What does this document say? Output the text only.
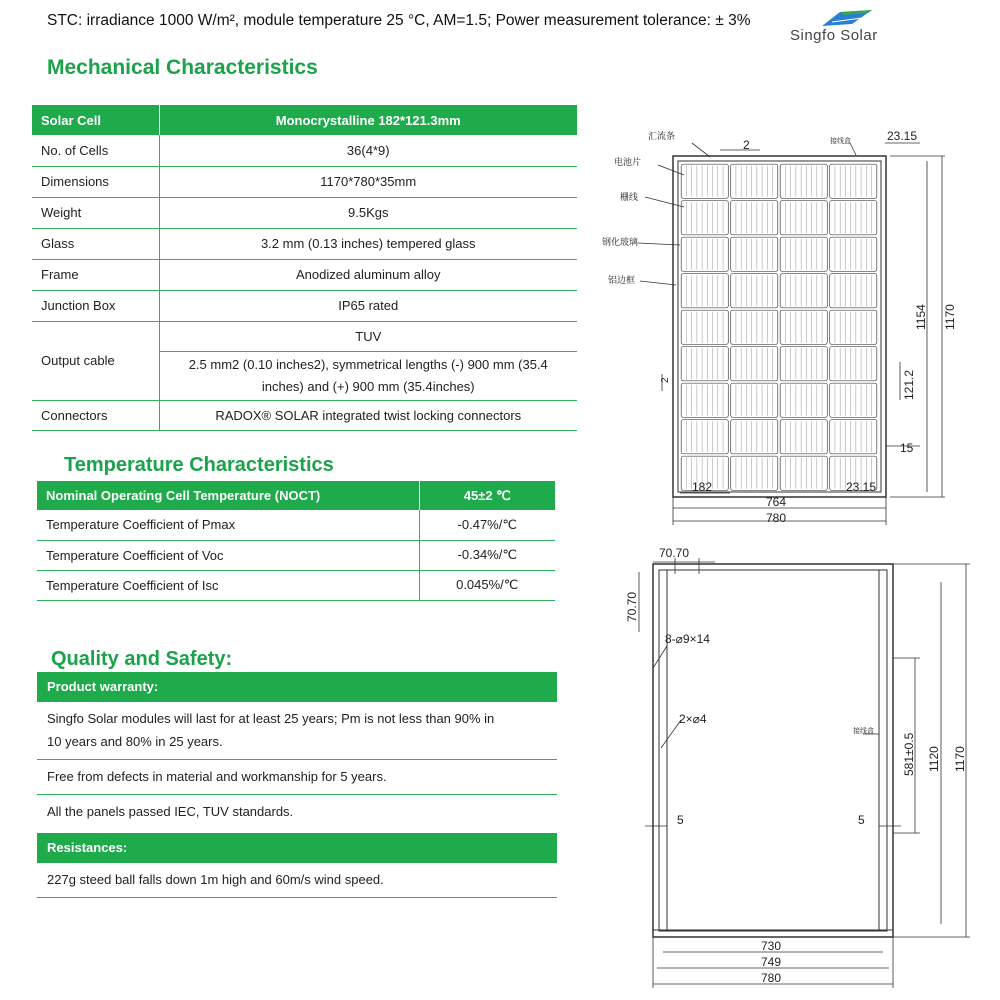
STC: irradiance 1000 W/m², module temperature 25 °C, AM=1.5; Power measurement tolerance: ± 3%
Singfo Solar
Mechanical Characteristics
Solar Cell	Monocrystalline 182*121.3mm
No. of Cells	36(4*9)
Dimensions	1170*780*35mm
Weight	9.5Kgs
Glass	3.2 mm (0.13 inches) tempered glass
Frame	Anodized aluminum alloy
Junction Box	IP65 rated
Output cable	TUV
	2.5 mm2 (0.10 inches2), symmetrical lengths (-) 900 mm (35.4
inches) and (+) 900 mm (35.4inches)
Connectors	RADOX® SOLAR integrated twist locking connectors
Temperature Characteristics
Nominal Operating Cell Temperature (NOCT)	45±2 ℃
Temperature Coefficient of Pmax	-0.47%/℃
Temperature Coefficient of Voc	-0.34%/℃
Temperature Coefficient of Isc	0.045%/℃
Quality and Safety:
Product warranty:
Singfo Solar modules will last for at least 25 years; Pm is not less than 90% in
10 years and 80% in 25 years.
Free from defects in material and workmanship for 5 years.
All the panels passed IEC, TUV standards.
Resistances:
227g steed ball falls down 1m high and 60m/s wind speed.
汇流条
电池片
栅线
钢化玻璃
铝边框
接线盒
2
23.15
1154 1170
121.2
2
15
182	23.15
764
780
70.70
70.70
8-⌀9×14
2×⌀4
接线盒
581±0.5 1120 1170
5	5
730
749
780
